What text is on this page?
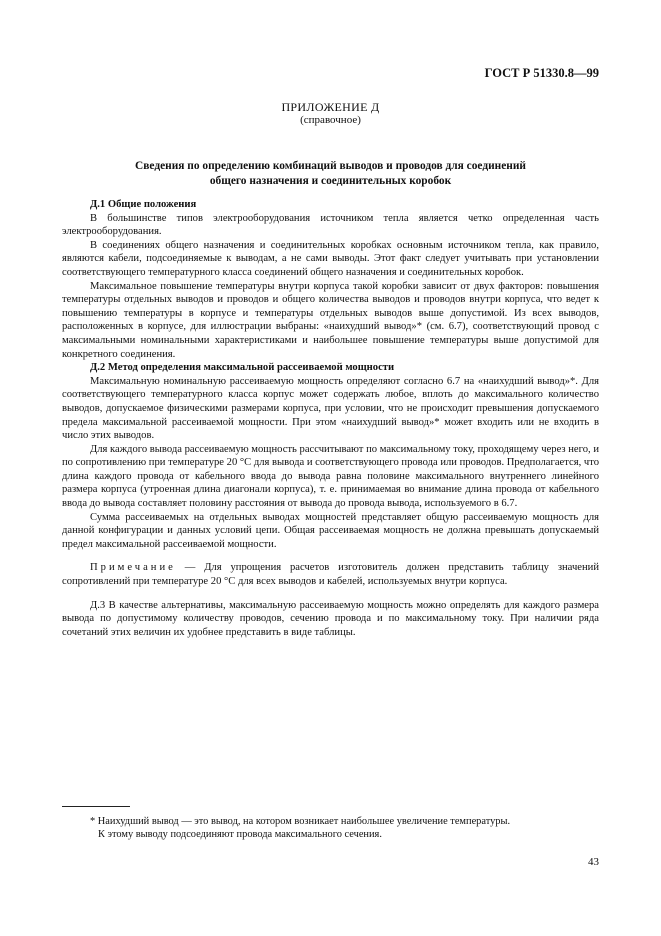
ГОСТ Р 51330.8—99
ПРИЛОЖЕНИЕ Д
(справочное)
Сведения по определению комбинаций выводов и проводов для соединений
общего назначения и соединительных коробок

Д.1 Общие положения

В большинстве типов электрооборудования источником тепла является четко определенная часть электрооборудования.

В соединениях общего назначения и соединительных коробках основным источником тепла, как правило, являются кабели, подсоединяемые к выводам, а не сами выводы. Этот факт следует учитывать при установлении соответствующего температурного класса соединений общего назначения и соединительных коробок.

Максимальное повышение температуры внутри корпуса такой коробки зависит от двух факторов: повышения температуры отдельных выводов и проводов и общего количества выводов и проводов внутри корпуса, что ведет к повышению температуры в корпусе и температуры отдельных выводов выше допустимой. Из всех выводов, расположенных в корпусе, для иллюстрации выбраны: «наихудший вывод»* (см. 6.7), соответствующий провод с максимальными номинальными характеристиками и наибольшее повышение температуры выше допустимой для конкретного соединения.

Д.2 Метод определения максимальной рассеиваемой мощности

Максимальную номинальную рассеиваемую мощность определяют согласно 6.7 на «наихудший вывод»*. Для соответствующего температурного класса корпус может содержать любое, вплоть до максимального количество выводов, допускаемое физическими размерами корпуса, при условии, что не происходит превышения допускаемого предела максимальной рассеиваемой мощности. При этом «наихудший вывод»* может входить или не входить в число этих выводов.

Для каждого вывода рассеиваемую мощность рассчитывают по максимальному току, проходящему через него, и по сопротивлению при температуре 20 °С для вывода и соответствующего провода или проводов. Предполагается, что длина каждого провода от кабельного ввода до вывода равна половине максимального внутреннего линейного размера корпуса (утроенная длина диагонали корпуса), т. е. принимаемая во внимание длина провода от кабельного ввода до вывода составляет половину расстояния от вывода до провода вывода, используемого в 6.7.

Сумма рассеиваемых на отдельных выводах мощностей представляет общую рассеиваемую мощность для данной конфигурации и данных условий цепи. Общая рассеиваемая мощность не должна превышать допускаемый предел максимальной рассеиваемой мощности.

Примечание — Для упрощения расчетов изготовитель должен представить таблицу значений сопротивлений при температуре 20 °С для всех выводов и кабелей, используемых внутри корпуса.

Д.3 В качестве альтернативы, максимальную рассеиваемую мощность можно определять для каждого размера вывода по допустимому количеству проводов, сечению провода и по максимальному току. При наличии ряда сочетаний этих величин их удобнее представить в виде таблицы.

* Наихудший вывод — это вывод, на котором возникает наибольшее увеличение температуры.
К этому выводу подсоединяют провода максимального сечения.
43
